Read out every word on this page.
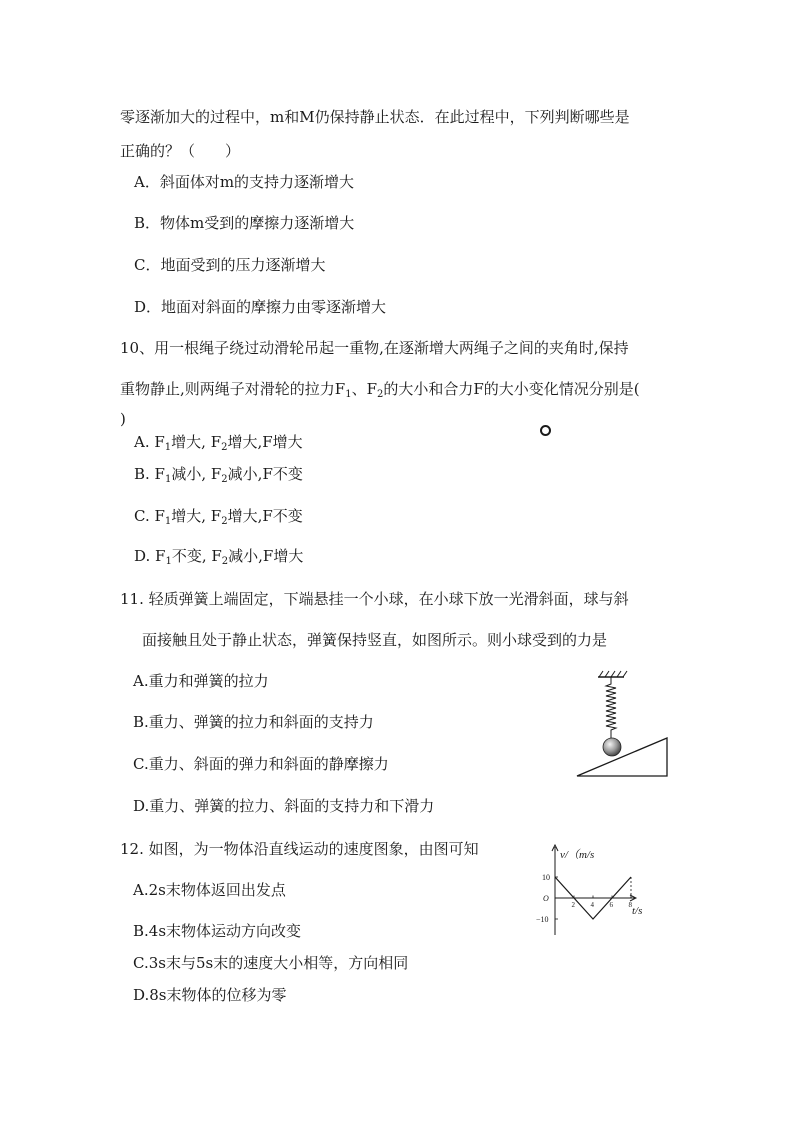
零逐渐加大的过程中，m和M仍保持静止状态．在此过程中，下列判断哪些是

正确的？（　　）

A．斜面体对m的支持力逐渐增大

B．物体m受到的摩擦力逐渐增大

C．地面受到的压力逐渐增大

D．地面对斜面的摩擦力由零逐渐增大

10、用一根绳子绕过动滑轮吊起一重物,在逐渐增大两绳子之间的夹角时,保持

重物静止,则两绳子对滑轮的拉力$F_1$、$F_2$的大小和合力F的大小变化情况分别是(

)

A. $F_1$增大, $F_2$增大,F增大

B. $F_1$减小, $F_2$减小,F不变

C. $F_1$增大, $F_2$增大,F不变

D. $F_1$不变, $F_2$减小,F增大

11. 轻质弹簧上端固定，下端悬挂一个小球，在小球下放一光滑斜面，球与斜

面接触且处于静止状态，弹簧保持竖直，如图所示。则小球受到的力是

A.重力和弹簧的拉力

B.重力、弹簧的拉力和斜面的支持力

C.重力、斜面的弹力和斜面的静摩擦力

D.重力、弹簧的拉力、斜面的支持力和下滑力

12. 如图，为一物体沿直线运动的速度图象，由图可知

A.2s末物体返回出发点

B.4s末物体运动方向改变

C.3s末与5s末的速度大小相等，方向相同

D.8s末物体的位移为零

v/（m/s
t/s
O
2 4 6 8
10
−10
